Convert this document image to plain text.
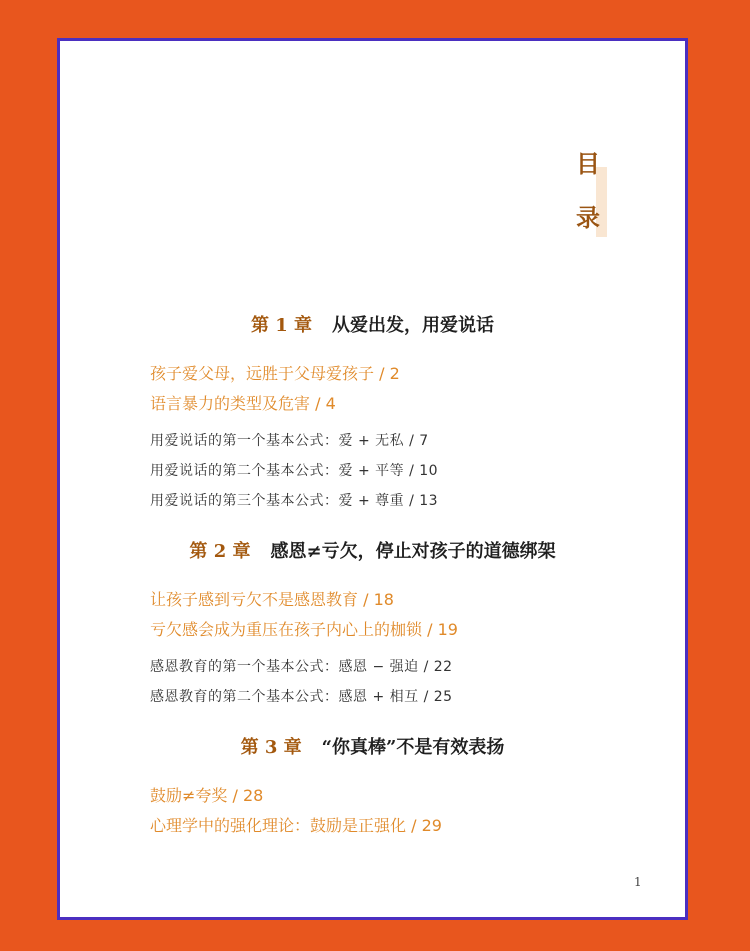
目
录
第 1 章 从爱出发，用爱说话
孩子爱父母，远胜于父母爱孩子 / 2
语言暴力的类型及危害 / 4
用爱说话的第一个基本公式：爱 + 无私 / 7
用爱说话的第二个基本公式：爱 + 平等 / 10
用爱说话的第三个基本公式：爱 + 尊重 / 13
第 2 章 感恩≠亏欠，停止对孩子的道德绑架
让孩子感到亏欠不是感恩教育 / 18
亏欠感会成为重压在孩子内心上的枷锁 / 19
感恩教育的第一个基本公式：感恩 − 强迫 / 22
感恩教育的第二个基本公式：感恩 + 相互 / 25
第 3 章 “你真棒”不是有效表扬
鼓励≠夸奖 / 28
心理学中的强化理论：鼓励是正强化 / 29
1
